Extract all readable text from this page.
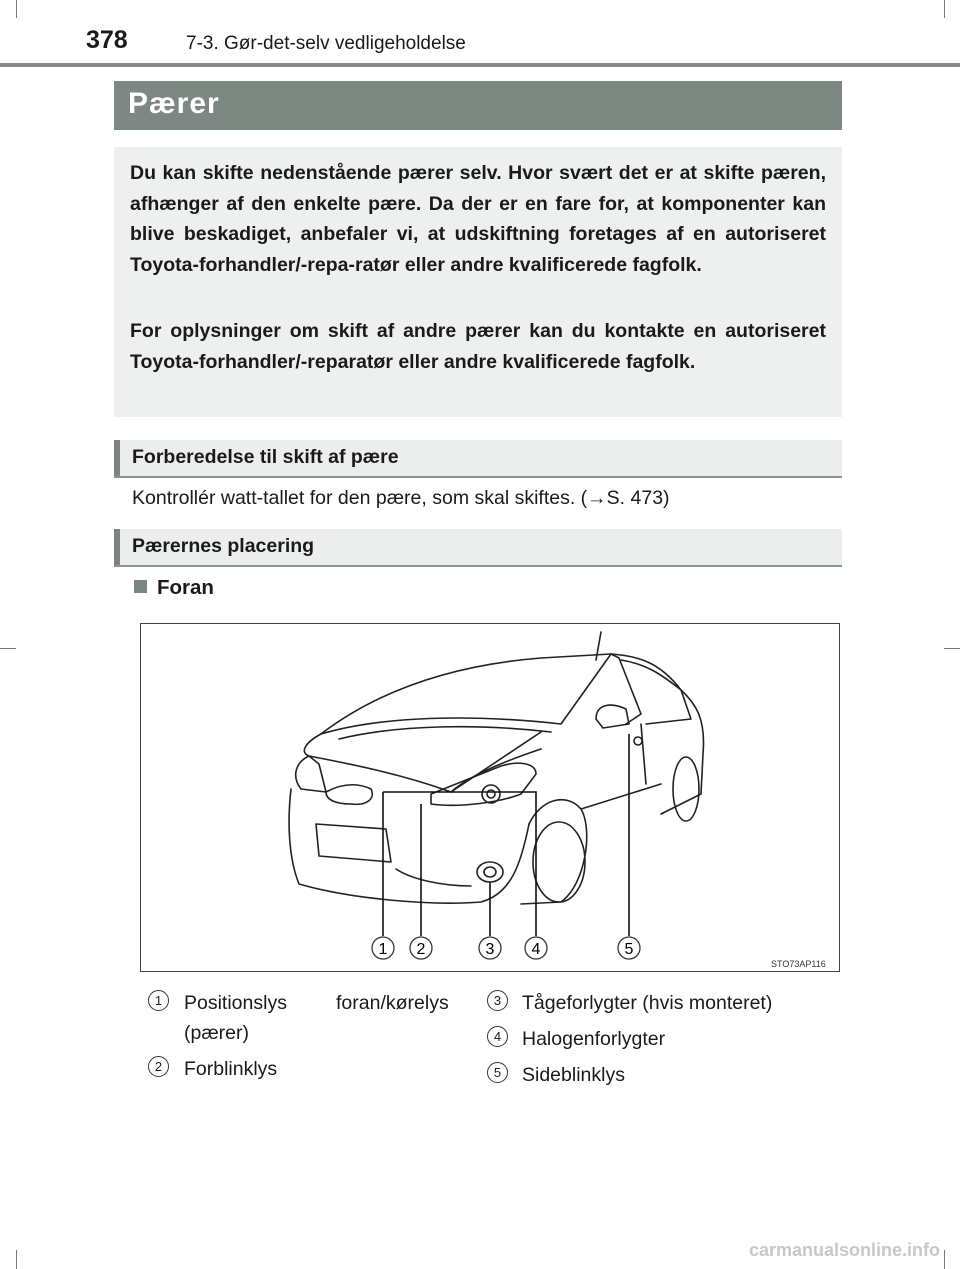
378	7-3. Gør-det-selv vedligeholdelse
Pærer

Du kan skifte nedenstående pærer selv. Hvor svært det er at skifte pæren, afhænger af den enkelte pære. Da der er en fare for, at komponenter kan blive beskadiget, anbefaler vi, at udskiftning foretages af en autoriseret Toyota-forhandler/-repa-ratør eller andre kvalificerede fagfolk.

For oplysninger om skift af andre pærer kan du kontakte en autoriseret Toyota-forhandler/-reparatør eller andre kvalificerede fagfolk.

Forberedelse til skift af pære
Kontrollér watt-tallet for den pære, som skal skiftes. (→S. 473)
Pærernes placering
Foran
1 2	3 4	5
STO73AP116
1	Positionslys	foran/kørelys
(pærer)
2	Forblinklys
3	Tågeforlygter (hvis monteret)
4	Halogenforlygter
5	Sideblinklys
carmanualsonline.info
